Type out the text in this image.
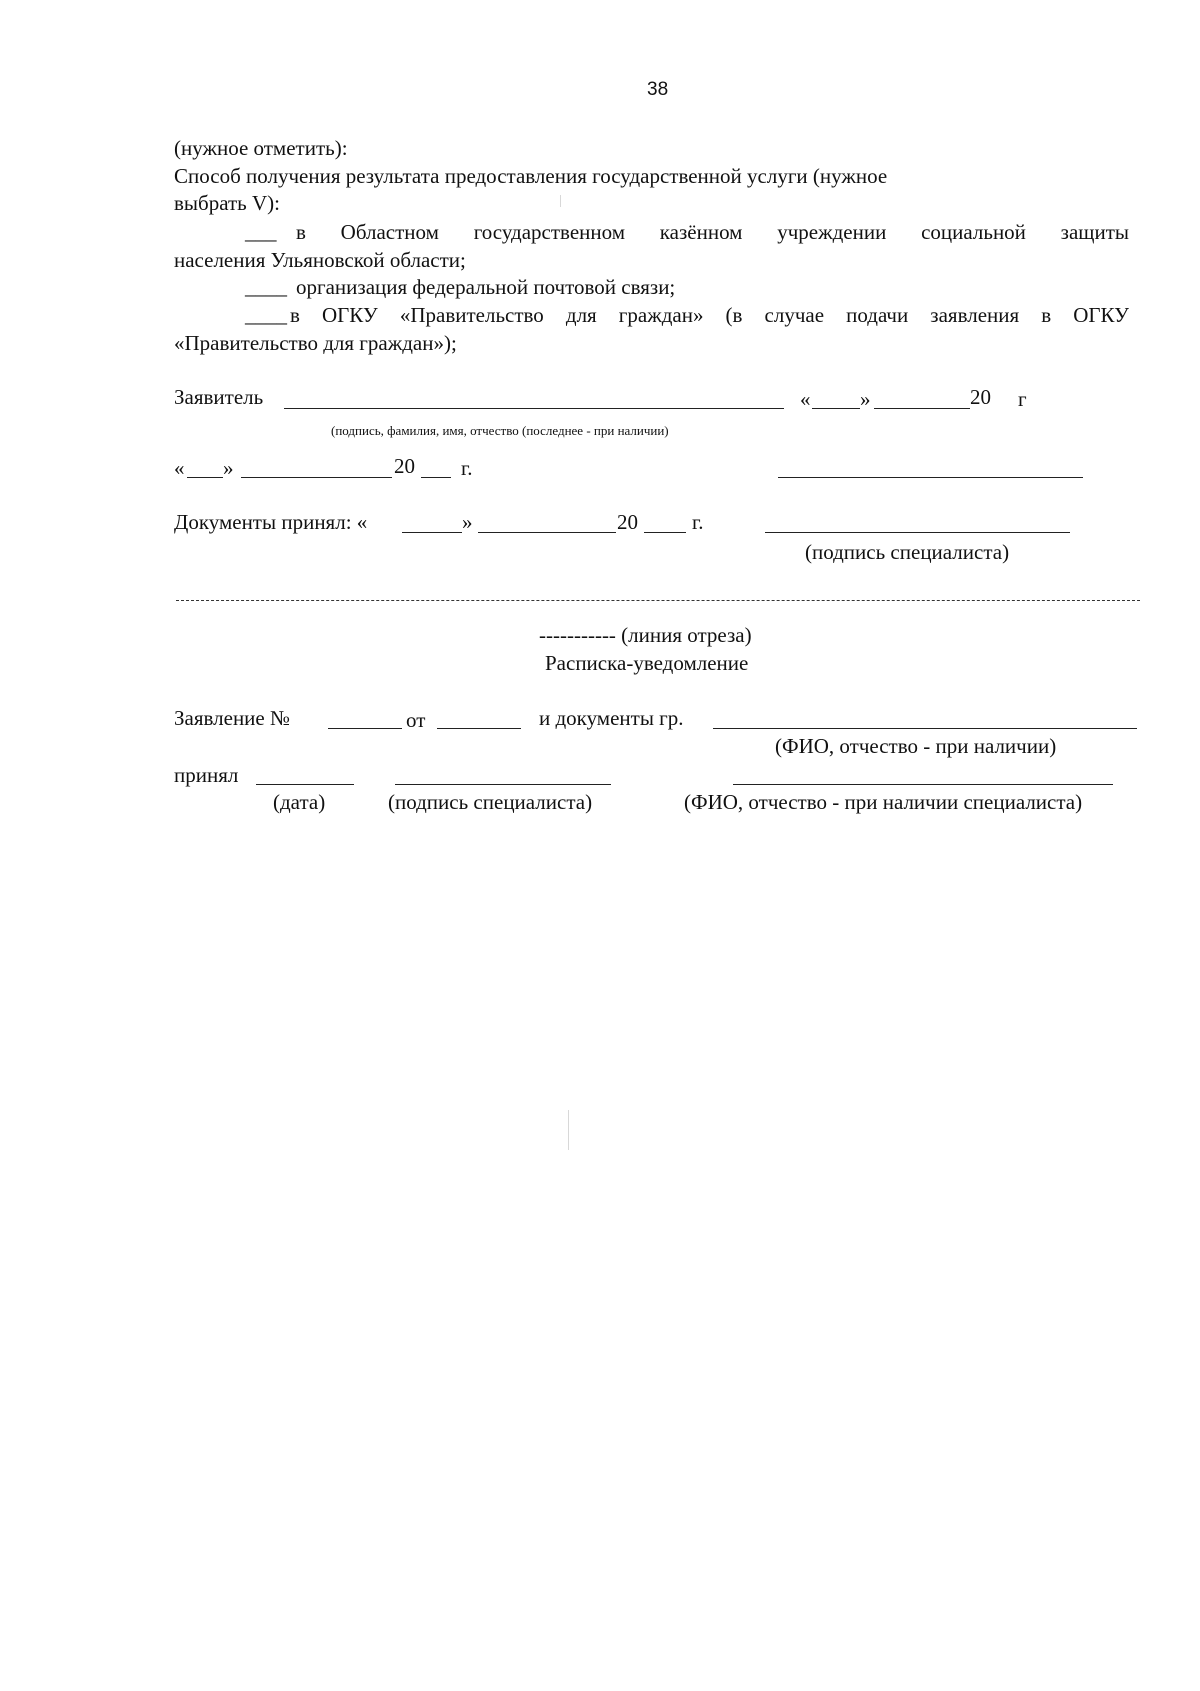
38
(нужное отметить):
Способ получения результата предоставления государственной услуги (нужное
выбрать V):
___ в Областном государственном казённом учреждении социальной защиты
населения Ульяновской области;
____ организация федеральной почтовой связи;
____ в ОГКУ «Правительство для граждан» (в случае подачи заявления в ОГКУ
«Правительство для граждан»);
Заявитель	« »	20 г
(подпись, фамилия, имя, отчество (последнее - при наличии)
« »	20 г.
Документы принял: «	»	20	г.
(подпись специалиста)
----------- (линия отреза)
Расписка-уведомление
Заявление №	от	и документы гр.
(ФИО, отчество - при наличии)
принял
(дата)	(подпись специалиста)	(ФИО, отчество - при наличии специалиста)
